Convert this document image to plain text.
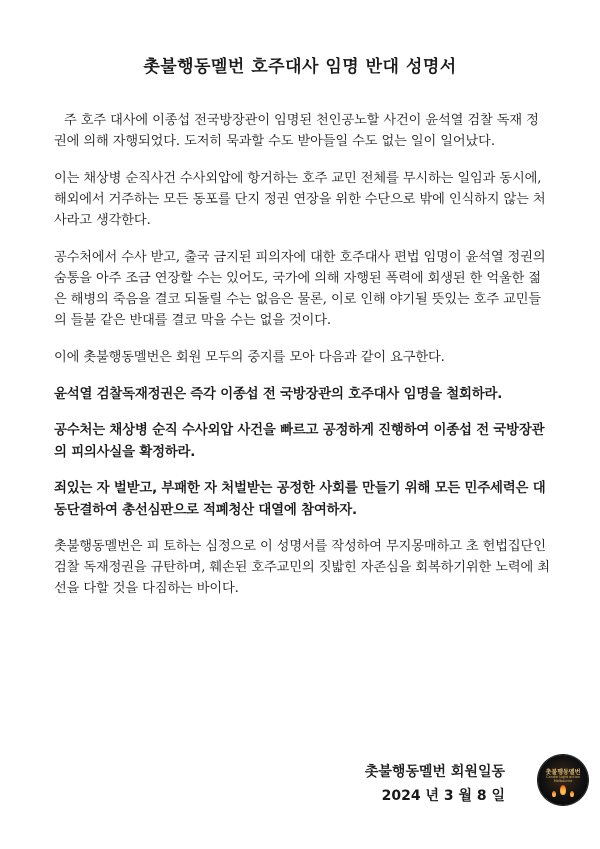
촛불행동멜번 호주대사 임명 반대 성명서

주 호주 대사에 이종섭 전국방장관이 임명된 천인공노할 사건이 윤석열 검찰 독재 정권에 의해 자행되었다. 도저히 묵과할 수도 받아들일 수도 없는 일이 일어났다.

이는 채상병 순직사건 수사외압에 항거하는 호주 교민 전체를 무시하는 일임과 동시에, 해외에서 거주하는 모든 동포를 단지 정권 연장을 위한 수단으로 밖에 인식하지 않는 처사라고 생각한다.

공수처에서 수사 받고, 출국 금지된 피의자에 대한 호주대사 편법 임명이 윤석열 정권의 숨통을 아주 조금 연장할 수는 있어도, 국가에 의해 자행된 폭력에 회생된 한 억울한 젊은 해병의 죽음을 결코 되돌릴 수는 없음은 물론, 이로 인해 야기될 뜻있는 호주 교민들의 들불 같은 반대를 결코 막을 수는 없을 것이다.

이에 촛불행동멜번은 회원 모두의 중지를 모아 다음과 같이 요구한다.

윤석열 검찰독재정권은 즉각 이종섭 전 국방장관의 호주대사 임명을 철회하라.

공수처는 채상병 순직 수사외압 사건을 빠르고 공정하게 진행하여 이종섭 전 국방장관의 피의사실을 확정하라.

죄있는 자 벌받고, 부패한 자 처벌받는 공정한 사회를 만들기 위해 모든 민주세력은 대동단결하여 총선심판으로 적폐청산 대열에 참여하자.

촛불행동멜번은 피 토하는 심정으로 이 성명서를 작성하여 무지몽매하고 초 헌법집단인 검찰 독재정권을 규탄하며, 훼손된 호주교민의 짓밟힌 자존심을 회복하기위한 노력에 최선을 다할 것을 다짐하는 바이다.

촛불행동멜번 회원일동
2024 년 3 월 8 일
촛불행동멜번
Candle Light action Melbourne
